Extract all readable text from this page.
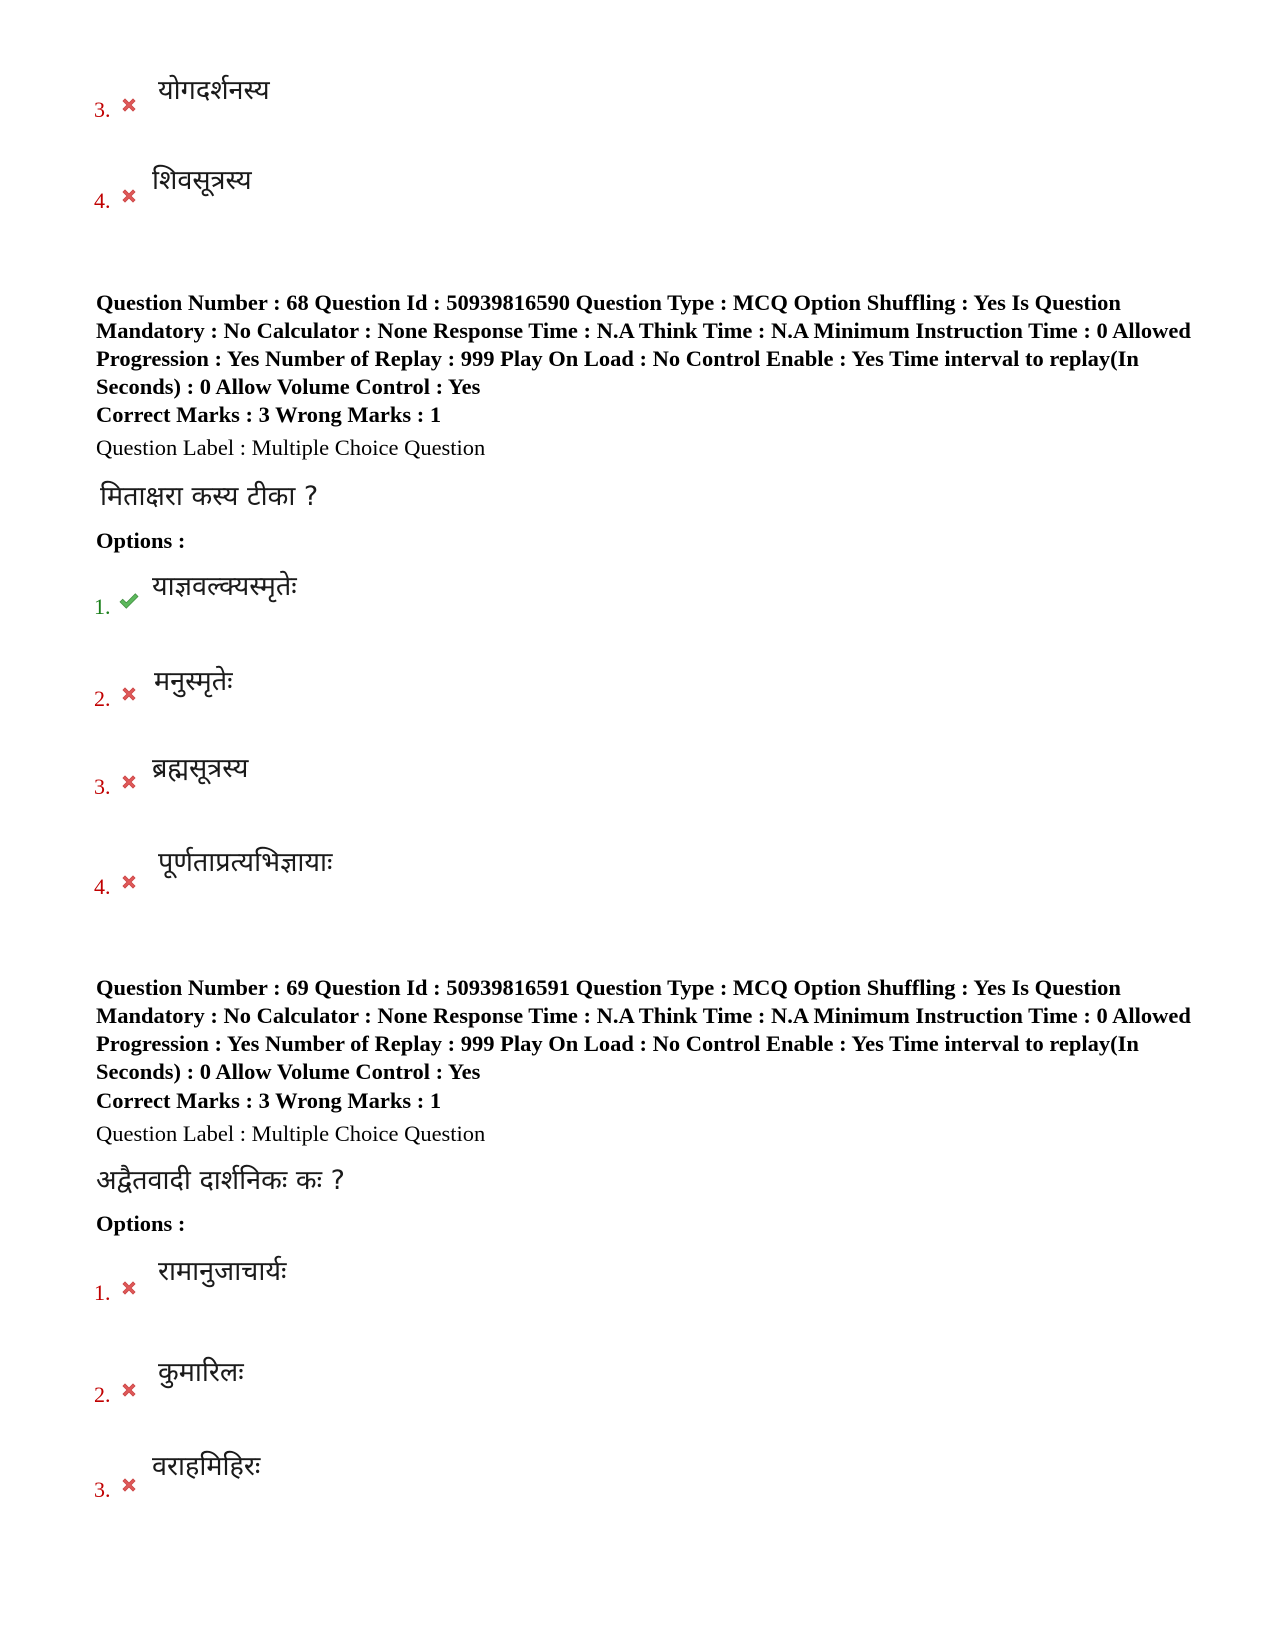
3.
योगदर्शनस्य
4.
शिवसूत्रस्य
Question Number : 68 Question Id : 50939816590 Question Type : MCQ Option Shuffling : Yes Is Question Mandatory : No Calculator : None Response Time : N.A Think Time : N.A Minimum Instruction Time : 0 Allowed Progression : Yes Number of Replay : 999 Play On Load : No Control Enable : Yes Time interval to replay(In Seconds) : 0 Allow Volume Control : Yes
Correct Marks : 3 Wrong Marks : 1
Question Label : Multiple Choice Question
मिताक्षरा कस्य टीका ?
Options :
1.
याज्ञवल्क्यस्मृतेः
2.
मनुस्मृतेः
3.
ब्रह्मसूत्रस्य
4.
पूर्णताप्रत्यभिज्ञायाः
Question Number : 69 Question Id : 50939816591 Question Type : MCQ Option Shuffling : Yes Is Question Mandatory : No Calculator : None Response Time : N.A Think Time : N.A Minimum Instruction Time : 0 Allowed Progression : Yes Number of Replay : 999 Play On Load : No Control Enable : Yes Time interval to replay(In Seconds) : 0 Allow Volume Control : Yes
Correct Marks : 3 Wrong Marks : 1
Question Label : Multiple Choice Question
अद्वैतवादी दार्शनिकः कः ?
Options :
1.
रामानुजाचार्यः
2.
कुमारिलः
3.
वराहमिहिरः
